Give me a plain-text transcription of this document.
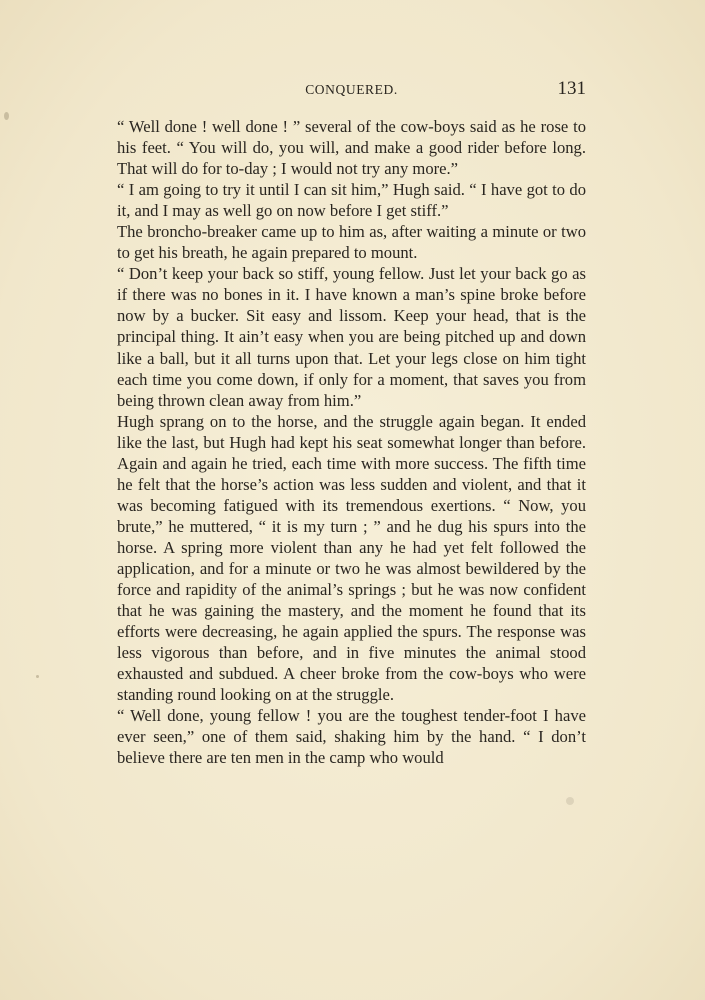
CONQUERED.	131

“ Well done ! well done ! ” several of the cow-boys said as he rose to his feet. “ You will do, you will, and make a good rider before long. That will do for to-day ; I would not try any more.”

“ I am going to try it until I can sit him,” Hugh said. “ I have got to do it, and I may as well go on now before I get stiff.”

The broncho-breaker came up to him as, after waiting a minute or two to get his breath, he again prepared to mount.

“ Don’t keep your back so stiff, young fellow. Just let your back go as if there was no bones in it. I have known a man’s spine broke before now by a bucker. Sit easy and lissom. Keep your head, that is the principal thing. It ain’t easy when you are being pitched up and down like a ball, but it all turns upon that. Let your legs close on him tight each time you come down, if only for a moment, that saves you from being thrown clean away from him.”

Hugh sprang on to the horse, and the struggle again began. It ended like the last, but Hugh had kept his seat somewhat longer than before. Again and again he tried, each time with more success. The fifth time he felt that the horse’s action was less sudden and violent, and that it was becoming fatigued with its tremendous exertions. “ Now, you brute,” he muttered, “ it is my turn ; ” and he dug his spurs into the horse. A spring more violent than any he had yet felt followed the application, and for a minute or two he was almost bewildered by the force and rapidity of the animal’s springs ; but he was now confident that he was gaining the mastery, and the moment he found that its efforts were decreasing, he again applied the spurs. The response was less vigorous than before, and in five minutes the animal stood exhausted and subdued. A cheer broke from the cow-boys who were standing round looking on at the struggle.

“ Well done, young fellow ! you are the toughest tender-foot I have ever seen,” one of them said, shaking him by the hand. “ I don’t believe there are ten men in the camp who would
